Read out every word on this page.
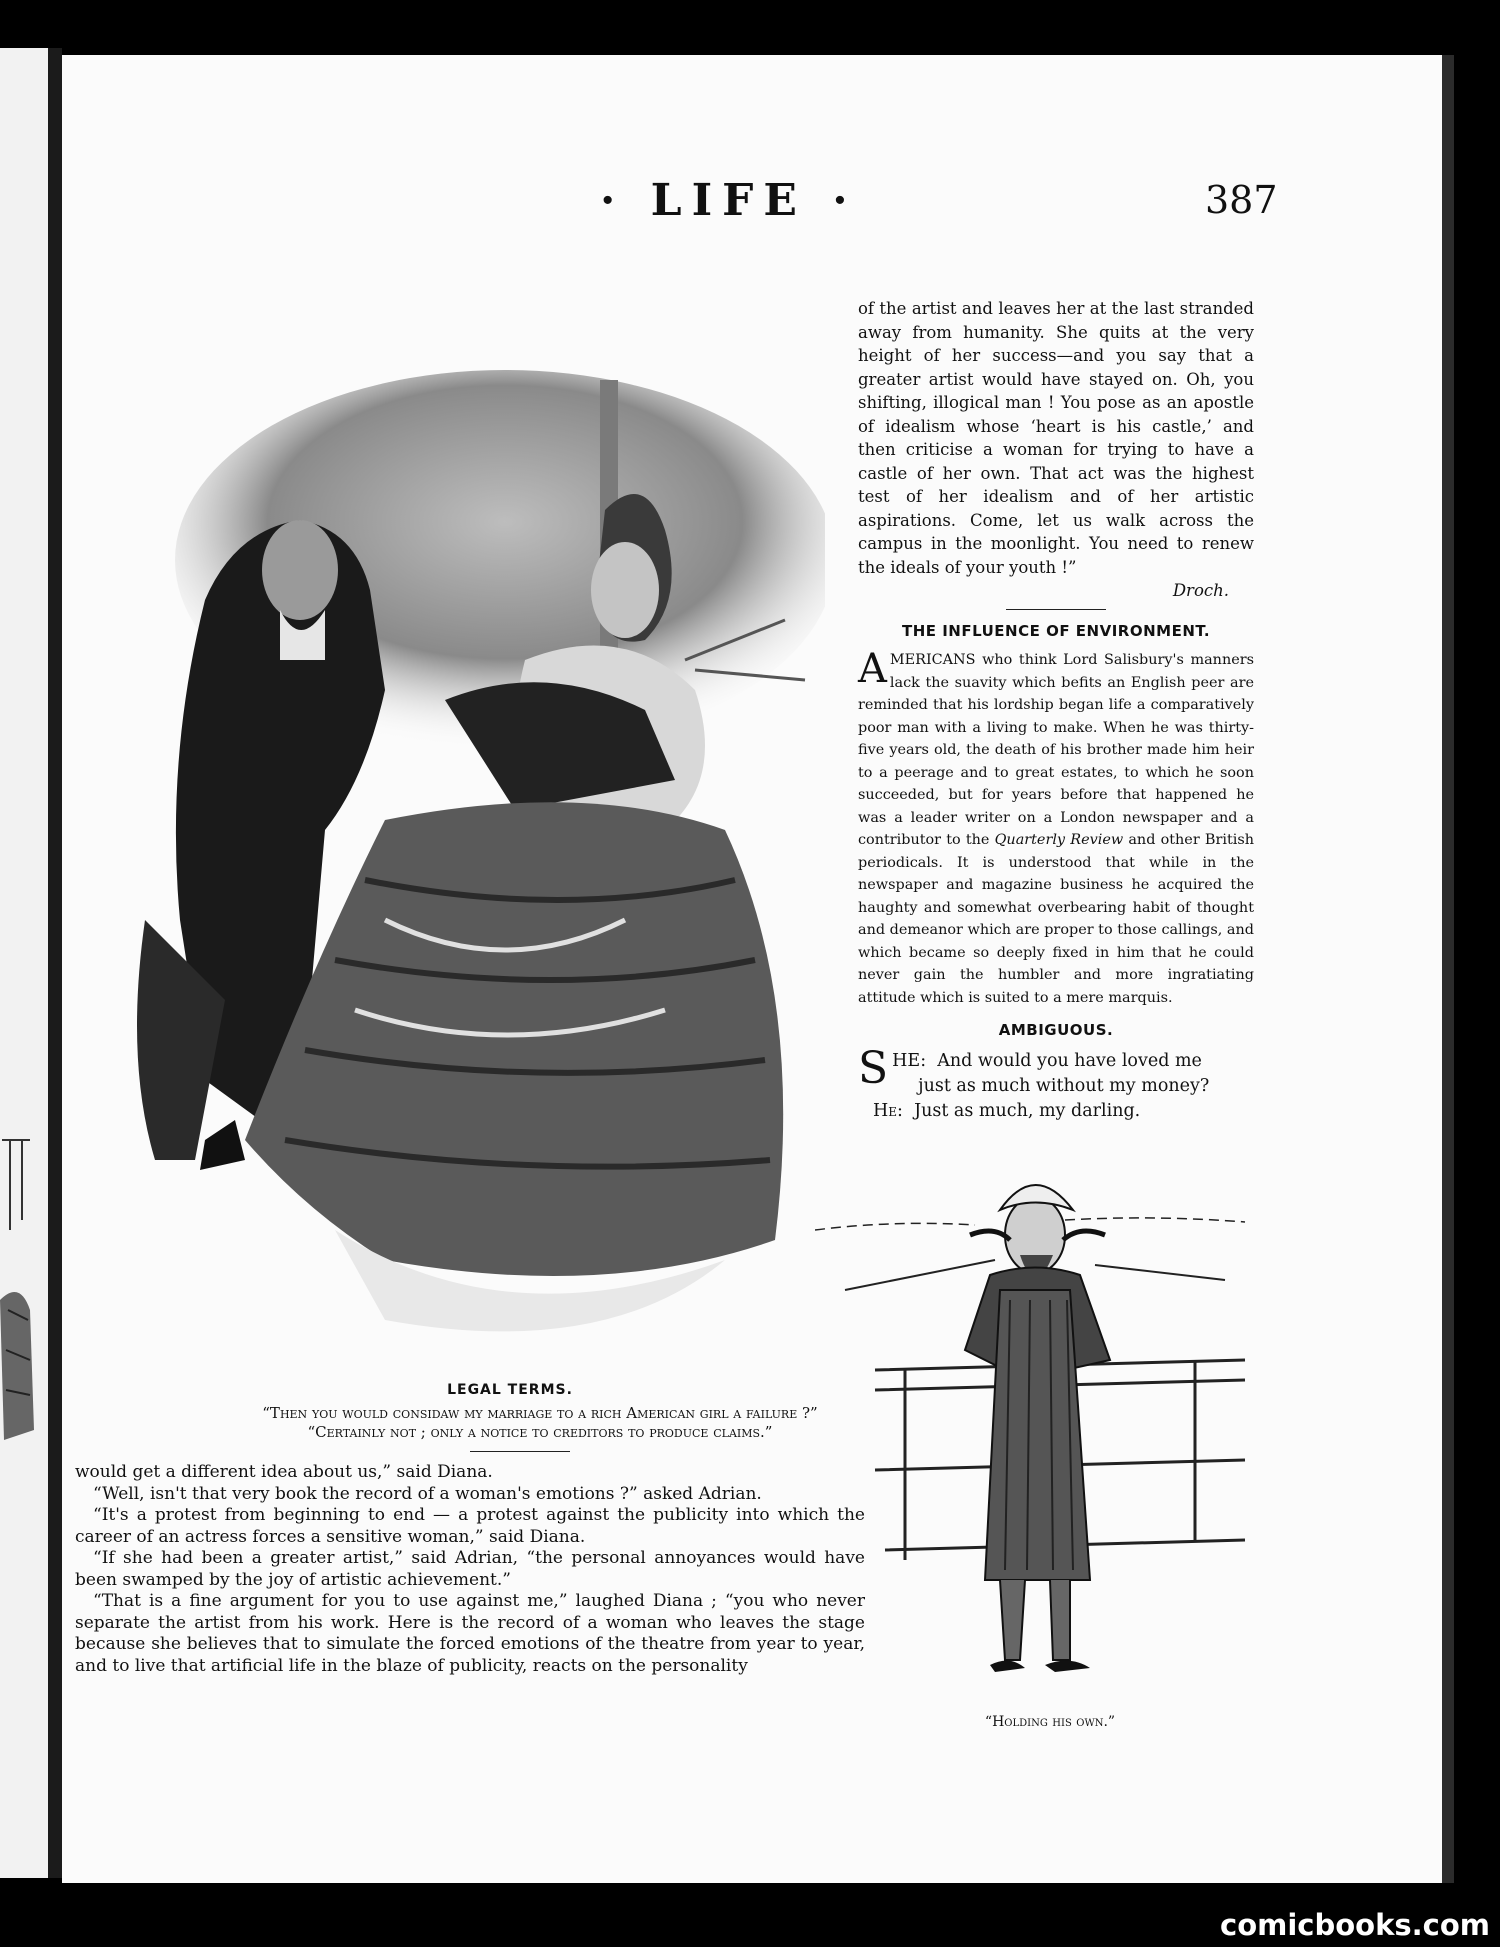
· LIFE ·	387
LEGAL TERMS.
“Then you would considaw my marriage to a rich American girl a failure ?”
“Certainly not ; only a notice to creditors to produce claims.”

would get a different idea about us,” said Diana.

“Well, isn't that very book the record of a woman's emotions ?” asked Adrian.

“It's a protest from beginning to end — a protest against the publicity into which the career of an actress forces a sensitive woman,” said Diana.

“If she had been a greater artist,” said Adrian, “the personal annoyances would have been swamped by the joy of artistic achievement.”

“That is a fine argument for you to use against me,” laughed Diana ; “you who never separate the artist from his work. Here is the record of a woman who leaves the stage because she believes that to simulate the forced emotions of the theatre from year to year, and to live that artificial life in the blaze of publicity, reacts on the personality

of the artist and leaves her at the last stranded away from humanity. She quits at the very height of her success—and you say that a greater artist would have stayed on. Oh, you shifting, illogical man ! You pose as an apostle of idealism whose ‘heart is his castle,’ and then criticise a woman for trying to have a castle of her own. That act was the highest test of her idealism and of her artistic aspirations. Come, let us walk across the campus in the moonlight. You need to renew the ideals of your youth !”

Droch.
THE INFLUENCE OF ENVIRONMENT.

AMERICANS who think Lord Salisbury's manners lack the suavity which befits an English peer are reminded that his lordship began life a comparatively poor man with a living to make. When he was thirty-five years old, the death of his brother made him heir to a peerage and to great estates, to which he soon succeeded, but for years before that happened he was a leader writer on a London newspaper and a contributor to the Quarterly Review and other British periodicals. It is understood that while in the newspaper and magazine business he acquired the haughty and somewhat overbearing habit of thought and demeanor which are proper to those callings, and which became so deeply fixed in him that he could never gain the humbler and more ingratiating attitude which is suited to a mere marquis.

AMBIGUOUS.
S HE: And would you have loved me
just as much without my money?
He: Just as much, my darling.
“Holding his own.”
comicbooks.com
